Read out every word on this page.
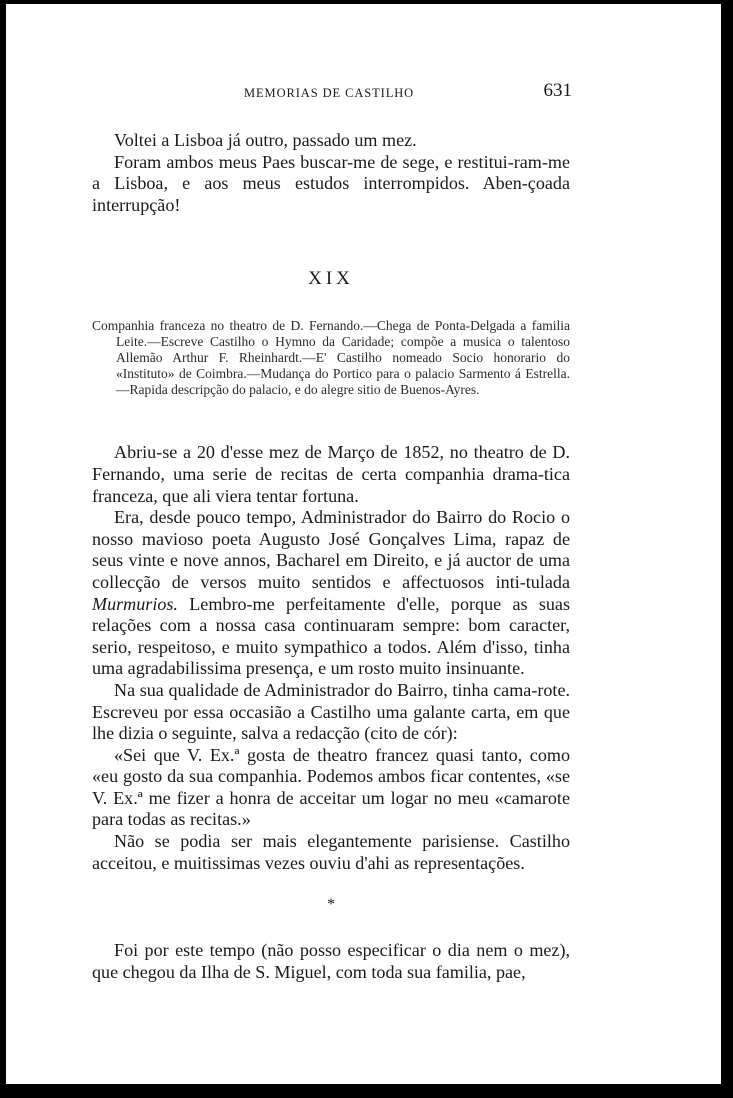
MEMORIAS DE CASTILHO	631

Voltei a Lisboa já outro, passado um mez.

Foram ambos meus Paes buscar-me de sege, e restitui-ram-me a Lisboa, e aos meus estudos interrompidos. Aben-çoada interrupção!

XIX

Companhia franceza no theatro de D. Fernando.—Chega de Ponta-Delgada a familia Leite.—Escreve Castilho o Hymno da Caridade; compõe a musica o talentoso Allemão Arthur F. Rheinhardt.—E' Castilho nomeado Socio honorario do «Instituto» de Coimbra.—Mudança do Portico para o palacio Sarmento á Estrella.—Rapida descripção do palacio, e do alegre sitio de Buenos-Ayres.

Abriu-se a 20 d'esse mez de Março de 1852, no theatro de D. Fernando, uma serie de recitas de certa companhia drama-tica franceza, que ali viera tentar fortuna.

Era, desde pouco tempo, Administrador do Bairro do Rocio o nosso mavioso poeta Augusto José Gonçalves Lima, rapaz de seus vinte e nove annos, Bacharel em Direito, e já auctor de uma collecção de versos muito sentidos e affectuosos inti-tulada Murmurios. Lembro-me perfeitamente d'elle, porque as suas relações com a nossa casa continuaram sempre: bom caracter, serio, respeitoso, e muito sympathico a todos. Além d'isso, tinha uma agradabilissima presença, e um rosto muito insinuante.

Na sua qualidade de Administrador do Bairro, tinha cama-rote. Escreveu por essa occasião a Castilho uma galante carta, em que lhe dizia o seguinte, salva a redacção (cito de cór):

«Sei que V. Ex.ª gosta de theatro francez quasi tanto, como «eu gosto da sua companhia. Podemos ambos ficar contentes, «se V. Ex.ª me fizer a honra de acceitar um logar no meu «camarote para todas as recitas.»

Não se podia ser mais elegantemente parisiense. Castilho acceitou, e muitissimas vezes ouviu d'ahi as representações.

*

Foi por este tempo (não posso especificar o dia nem o mez), que chegou da Ilha de S. Miguel, com toda sua familia, pae,
